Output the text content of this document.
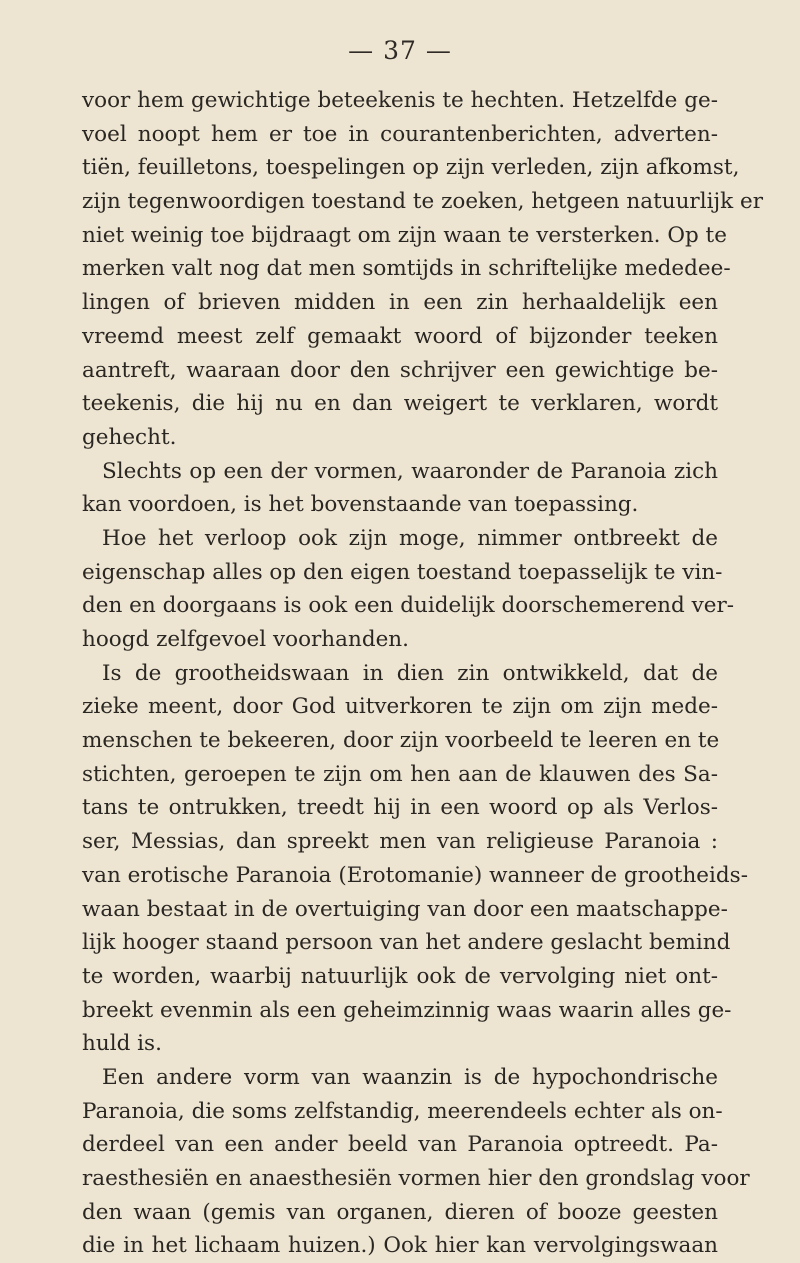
— 37 —
voor hem gewichtige beteekenis te hechten. Hetzelfde ge-
voel noopt hem er toe in courantenberichten, adverten-
tiën, feuilletons, toespelingen op zijn verleden, zijn afkomst,
zijn tegenwoordigen toestand te zoeken, hetgeen natuurlijk er
niet weinig toe bijdraagt om zijn waan te versterken. Op te
merken valt nog dat men somtijds in schriftelijke mededee-
lingen of brieven midden in een zin herhaaldelijk een
vreemd meest zelf gemaakt woord of bijzonder teeken
aantreft, waaraan door den schrijver een gewichtige be-
teekenis, die hij nu en dan weigert te verklaren, wordt
gehecht.
Slechts op een der vormen, waaronder de Paranoia zich
kan voordoen, is het bovenstaande van toepassing.
Hoe het verloop ook zijn moge, nimmer ontbreekt de
eigenschap alles op den eigen toestand toepasselijk te vin-
den en doorgaans is ook een duidelijk doorschemerend ver-
hoogd zelfgevoel voorhanden.
Is de grootheidswaan in dien zin ontwikkeld, dat de
zieke meent, door God uitverkoren te zijn om zijn mede-
menschen te bekeeren, door zijn voorbeeld te leeren en te
stichten, geroepen te zijn om hen aan de klauwen des Sa-
tans te ontrukken, treedt hij in een woord op als Verlos-
ser, Messias, dan spreekt men van religieuse Paranoia :
van erotische Paranoia (Erotomanie) wanneer de grootheids-
waan bestaat in de overtuiging van door een maatschappe-
lijk hooger staand persoon van het andere geslacht bemind
te worden, waarbij natuurlijk ook de vervolging niet ont-
breekt evenmin als een geheimzinnig waas waarin alles ge-
huld is.
Een andere vorm van waanzin is de hypochondrische
Paranoia, die soms zelfstandig, meerendeels echter als on-
derdeel van een ander beeld van Paranoia optreedt. Pa-
raesthesiën en anaesthesiën vormen hier den grondslag voor
den waan (gemis van organen, dieren of booze geesten
die in het lichaam huizen.) Ook hier kan vervolgingswaan
